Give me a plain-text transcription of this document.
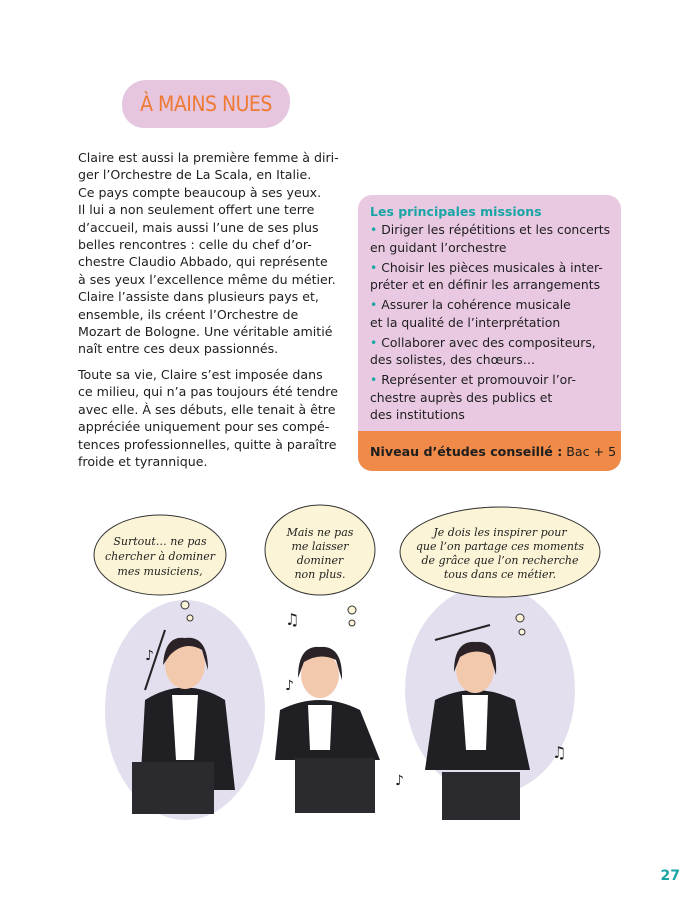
À MAINS NUES

Claire est aussi la première femme à diri-
ger l’Orchestre de La Scala, en Italie.
Ce pays compte beaucoup à ses yeux.
Il lui a non seulement offert une terre
d’accueil, mais aussi l’une de ses plus
belles rencontres : celle du chef d’or-
chestre Claudio Abbado, qui représente
à ses yeux l’excellence même du métier.
Claire l’assiste dans plusieurs pays et,
ensemble, ils créent l’Orchestre de
Mozart de Bologne. Une véritable amitié
naît entre ces deux passionnés.

Toute sa vie, Claire s’est imposée dans
ce milieu, qui n’a pas toujours été tendre
avec elle. À ses débuts, elle tenait à être
appréciée uniquement pour ses compé-
tences professionnelles, quitte à paraître
froide et tyrannique.

Les principales missions
• Diriger les répétitions et les concerts
en guidant l’orchestre
• Choisir les pièces musicales à inter-
préter et en définir les arrangements
• Assurer la cohérence musicale
et la qualité de l’interprétation
• Collaborer avec des compositeurs,
des solistes, des chœurs…
• Représenter et promouvoir l’or-
chestre auprès des publics et
des institutions
Niveau d’études conseillé : Bac + 5
Surtout… ne pas
chercher à dominer
mes musiciens,
Mais ne pas
me laisser
dominer
non plus.
Je dois les inspirer pour
que l’on partage ces moments
de grâce que l’on recherche
tous dans ce métier.
♫
♪
♪
♪
♫
27
